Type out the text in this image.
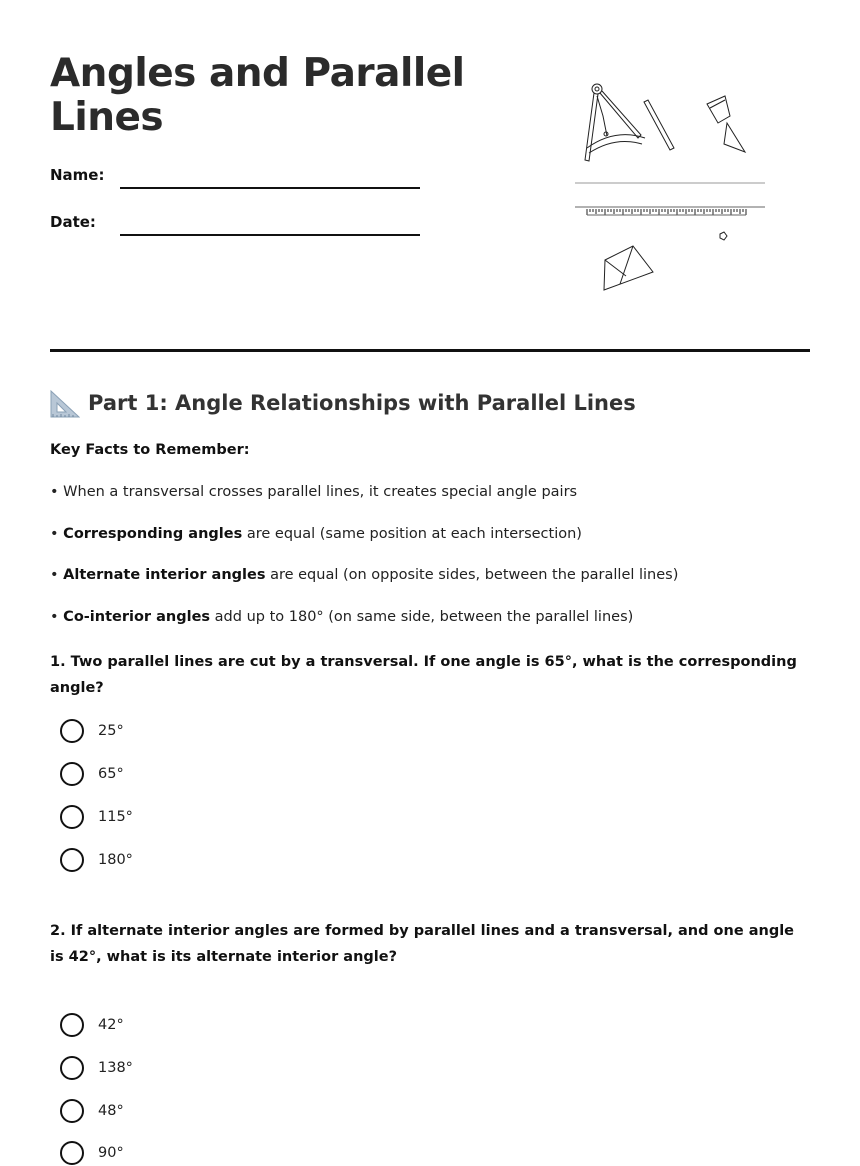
Angles and Parallel Lines
Name:
Date:
Part 1: Angle Relationships with Parallel Lines
Key Facts to Remember:
• When a transversal crosses parallel lines, it creates special angle pairs
• Corresponding angles are equal (same position at each intersection)
• Alternate interior angles are equal (on opposite sides, between the parallel lines)
• Co-interior angles add up to 180° (on same side, between the parallel lines)
1. Two parallel lines are cut by a transversal. If one angle is 65°, what is the corresponding angle?
25°
65°
115°
180°
2. If alternate interior angles are formed by parallel lines and a transversal, and one angle is 42°, what is its alternate interior angle?
42°
138°
48°
90°
